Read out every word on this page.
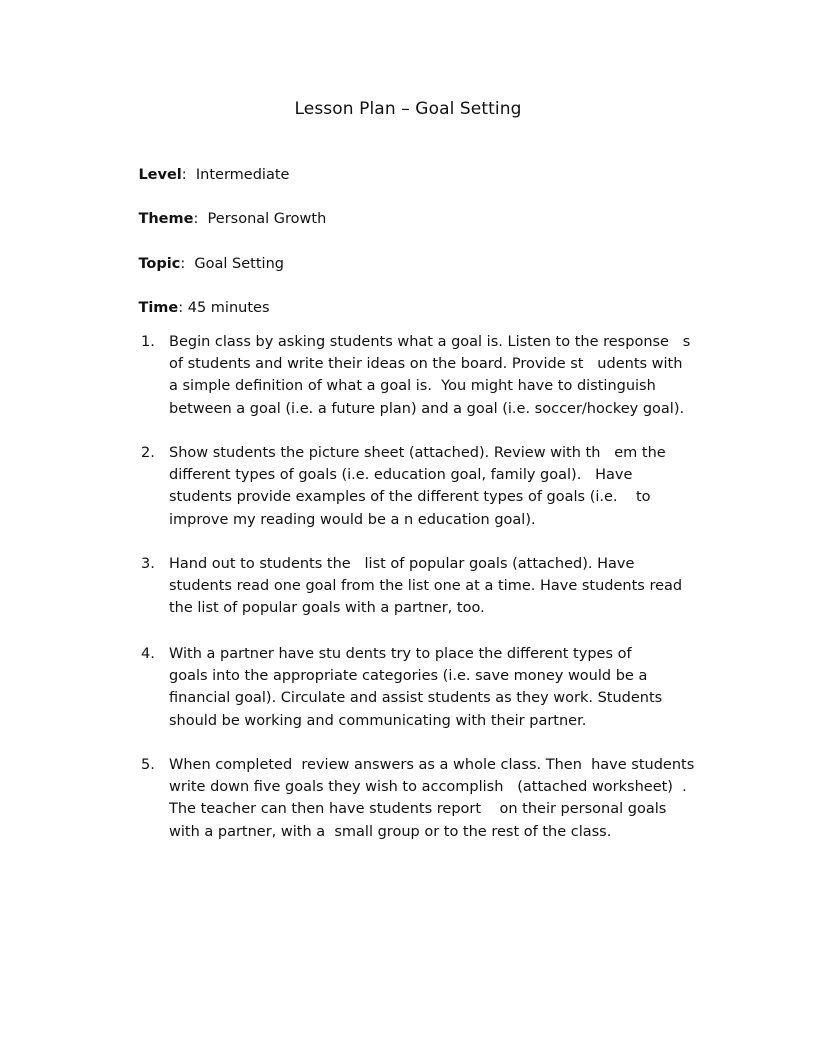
Lesson Plan – Goal Setting

Level:  Intermediate

Theme:  Personal Growth

Topic:  Goal Setting

Time: 45 minutes

1. Begin class by asking students what a goal is. Listen to the response   s
of students and write their ideas on the board. Provide st   udents with
a simple definition of what a goal is.  You might have to distinguish
between a goal (i.e. a future plan) and a goal (i.e. soccer/hockey goal).
2. Show students the picture sheet (attached). Review with th   em the
different types of goals (i.e. education goal, family goal).   Have
students provide examples of the different types of goals (i.e.    to
improve my reading would be a n education goal).
3. Hand out to students the   list of popular goals (attached). Have
students read one goal from the list one at a time. Have students read
the list of popular goals with a partner, too.
4. With a partner have stu dents try to place the different types of
goals into the appropriate categories (i.e. save money would be a
financial goal). Circulate and assist students as they work. Students
should be working and communicating with their partner.
5. When completed  review answers as a whole class. Then  have students
write down five goals they wish to accomplish   (attached worksheet)  .
The teacher can then have students report    on their personal goals
with a partner, with a  small group or to the rest of the class.
